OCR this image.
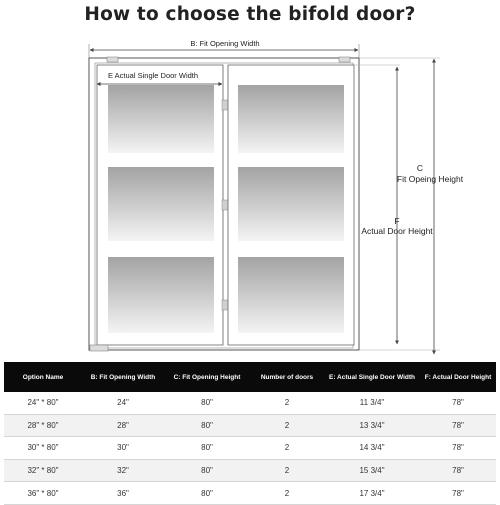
How to choose the bifold door?
B: Fit Opening Width
E Actual Single Door Width
C
Fit Opeing Height
F
Actual Door Height
Option Name	B: Fit Opening Width	C: Fit Opening Height	Number of doors	E: Actual Single Door Width	F: Actual Door Height
24" * 80"	24"	80"	2	11 3/4"	78"
28" * 80"	28"	80"	2	13 3/4"	78"
30" * 80"	30"	80"	2	14 3/4"	78"
32" * 80"	32"	80"	2	15 3/4"	78"
36" * 80"	36"	80"	2	17 3/4"	78"
